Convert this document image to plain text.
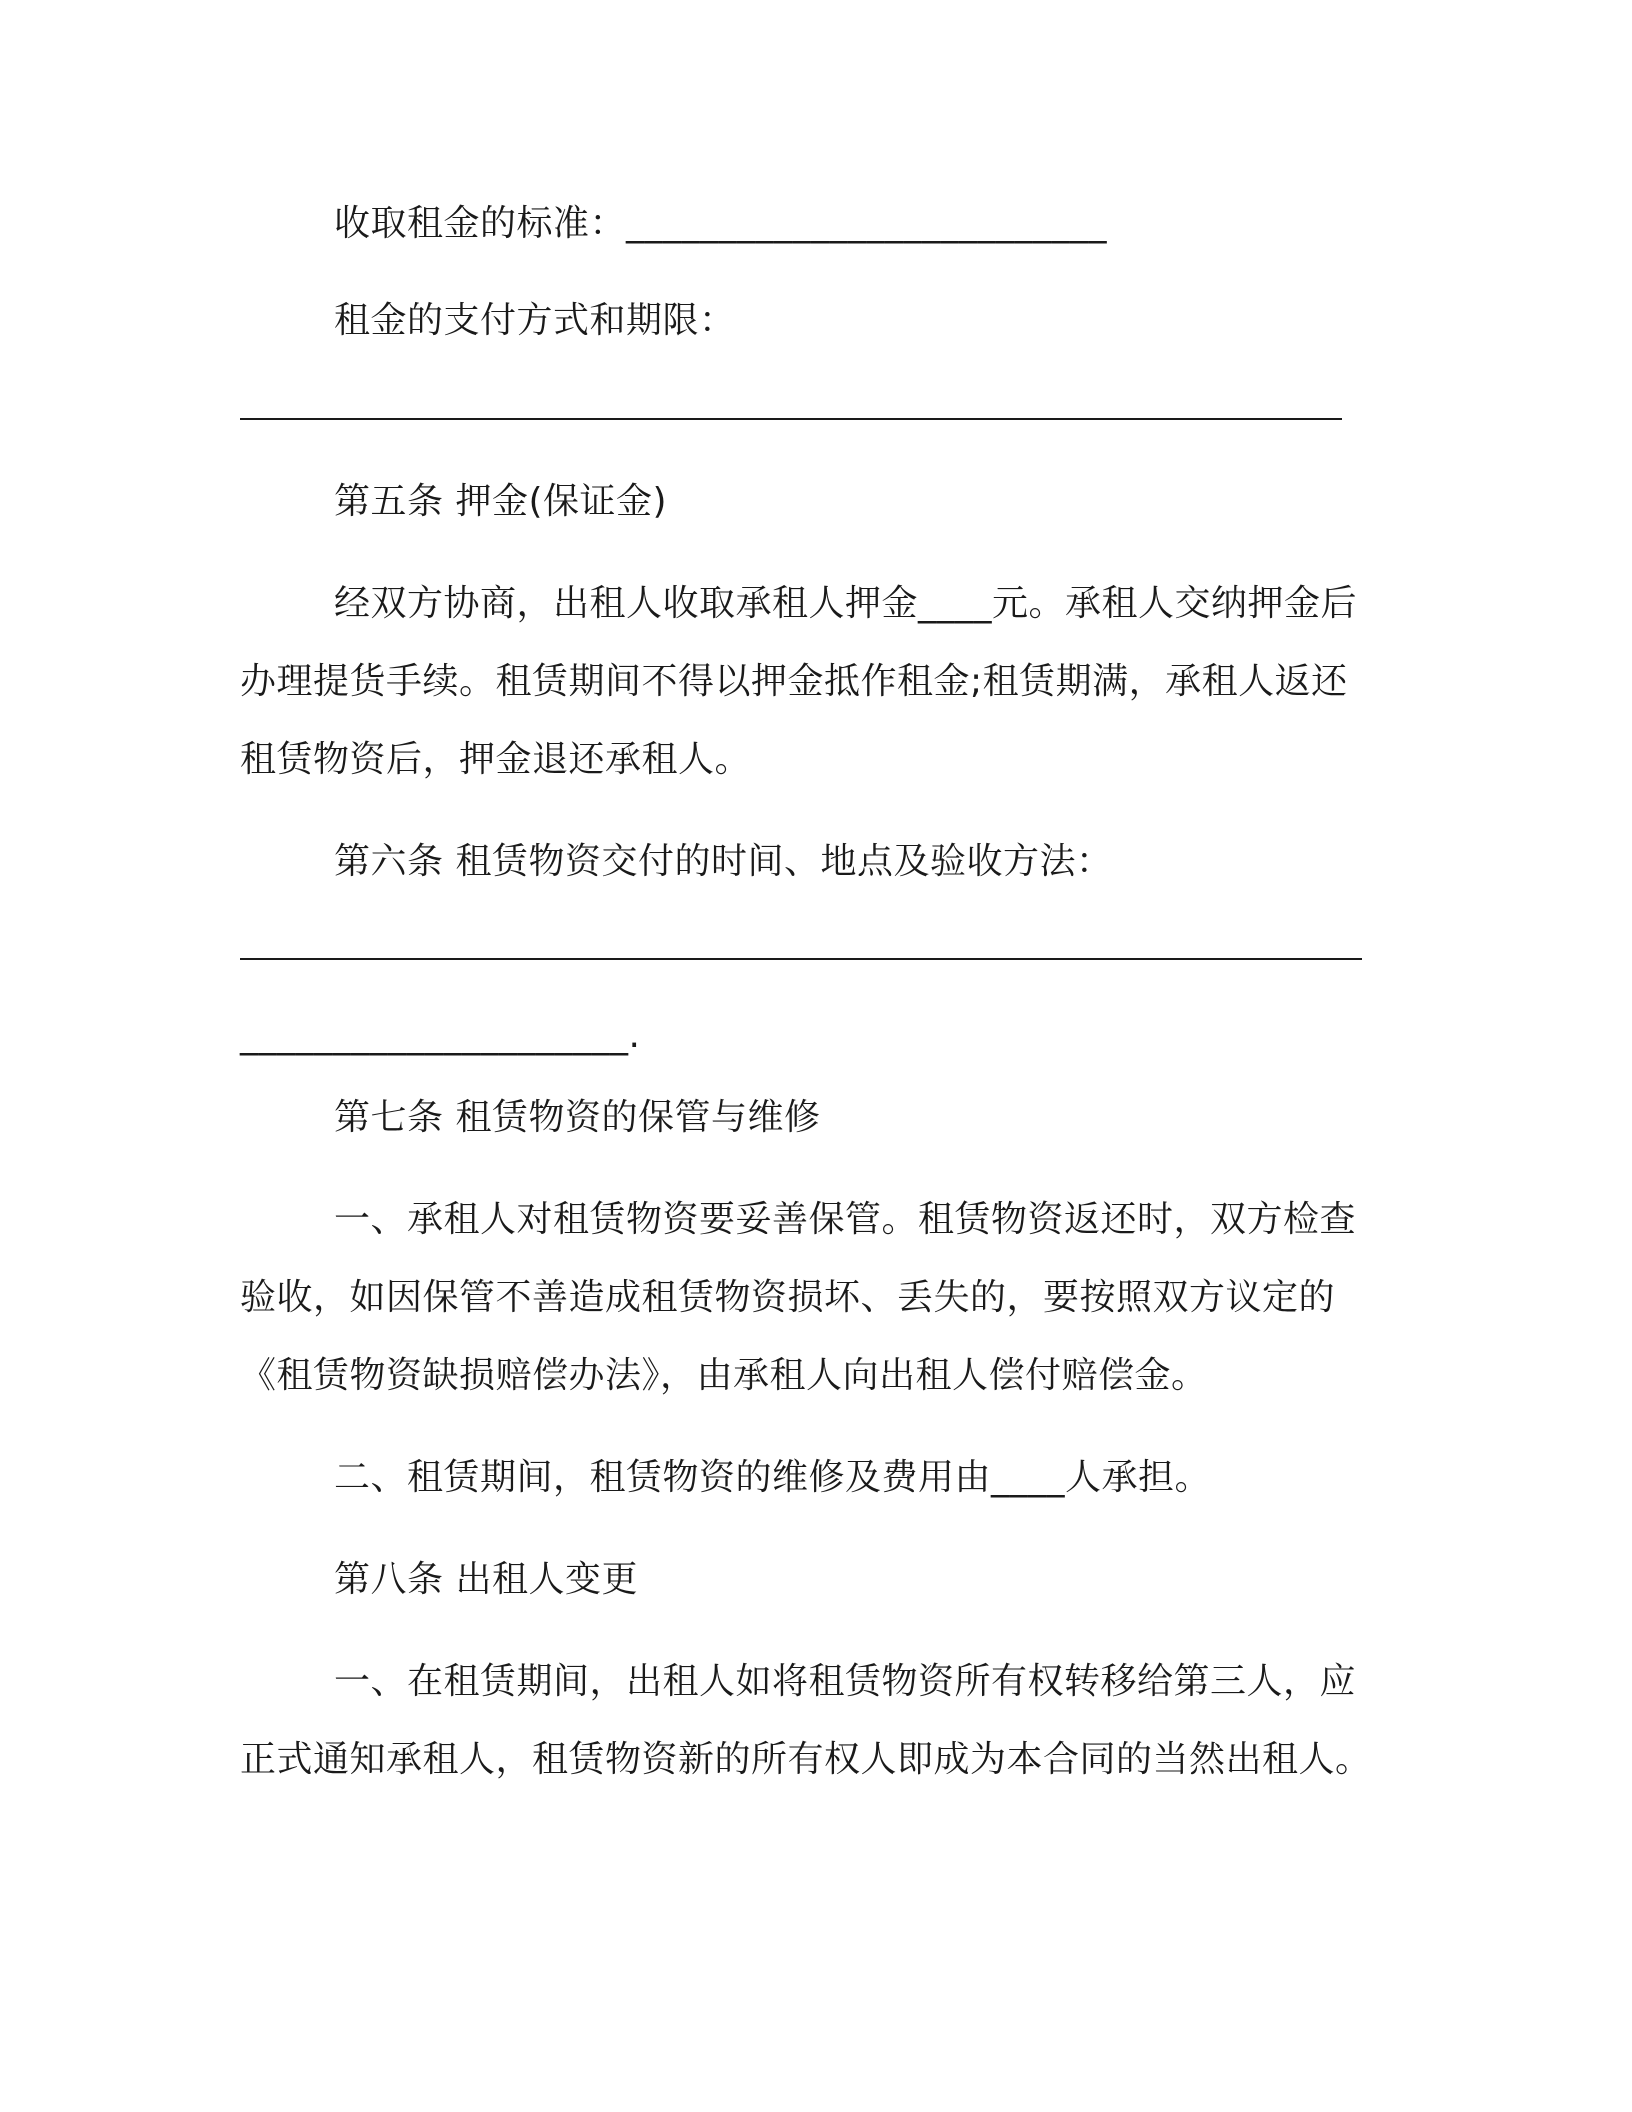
收取租金的标准：__________________________
租金的支付方式和期限：
第五条 押金(保证金)
经双方协商，出租人收取承租人押金____元。承租人交纳押金后
办理提货手续。租赁期间不得以押金抵作租金;租赁期满，承租人返还
租赁物资后，押金退还承租人。
第六条 租赁物资交付的时间、地点及验收方法：
_____________________.
第七条 租赁物资的保管与维修
一、承租人对租赁物资要妥善保管。租赁物资返还时，双方检查
验收，如因保管不善造成租赁物资损坏、丢失的，要按照双方议定的
《租赁物资缺损赔偿办法》，由承租人向出租人偿付赔偿金。
二、租赁期间，租赁物资的维修及费用由____人承担。
第八条 出租人变更
一、在租赁期间，出租人如将租赁物资所有权转移给第三人，应
正式通知承租人，租赁物资新的所有权人即成为本合同的当然出租人。
